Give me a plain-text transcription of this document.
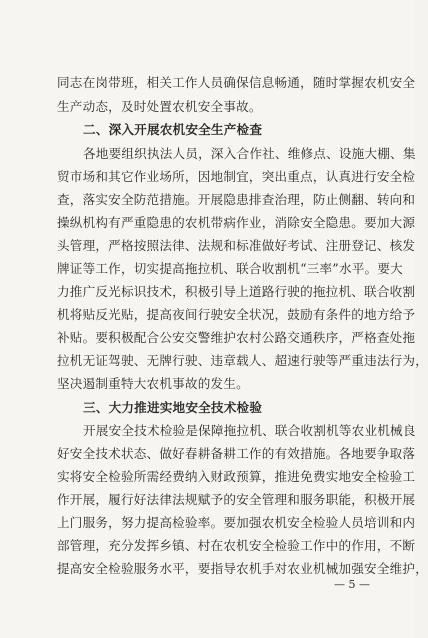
同志在岗带班，相关工作人员确保信息畅通，随时掌握农机安全
生产动态，及时处置农机安全事故。
二、深入开展农机安全生产检查
各地要组织执法人员，深入合作社、维修点、设施大棚、集
贸市场和其它作业场所，因地制宜，突出重点，认真进行安全检
查，落实安全防范措施。开展隐患排查治理，防止侧翻、转向和
操纵机构有严重隐患的农机带病作业，消除安全隐患。要加大源
头管理，严格按照法律、法规和标准做好考试、注册登记、核发
牌证等工作，切实提高拖拉机、联合收割机“三率”水平。要大
力推广反光标识技术，积极引导上道路行驶的拖拉机、联合收割
机将贴反光贴，提高夜间行驶安全状况，鼓励有条件的地方给予
补贴。要积极配合公安交警维护农村公路交通秩序，严格查处拖
拉机无证驾驶、无牌行驶、违章载人、超速行驶等严重违法行为，
坚决遏制重特大农机事故的发生。
三、大力推进实地安全技术检验
开展安全技术检验是保障拖拉机、联合收割机等农业机械良
好安全技术状态、做好春耕备耕工作的有效措施。各地要争取落
实将安全检验所需经费纳入财政预算，推进免费实地安全检验工
作开展，履行好法律法规赋予的安全管理和服务职能，积极开展
上门服务，努力提高检验率。要加强农机安全检验人员培训和内
部管理，充分发挥乡镇、村在农机安全检验工作中的作用，不断
提高安全检验服务水平，要指导农机手对农业机械加强安全维护，
— 5 —
